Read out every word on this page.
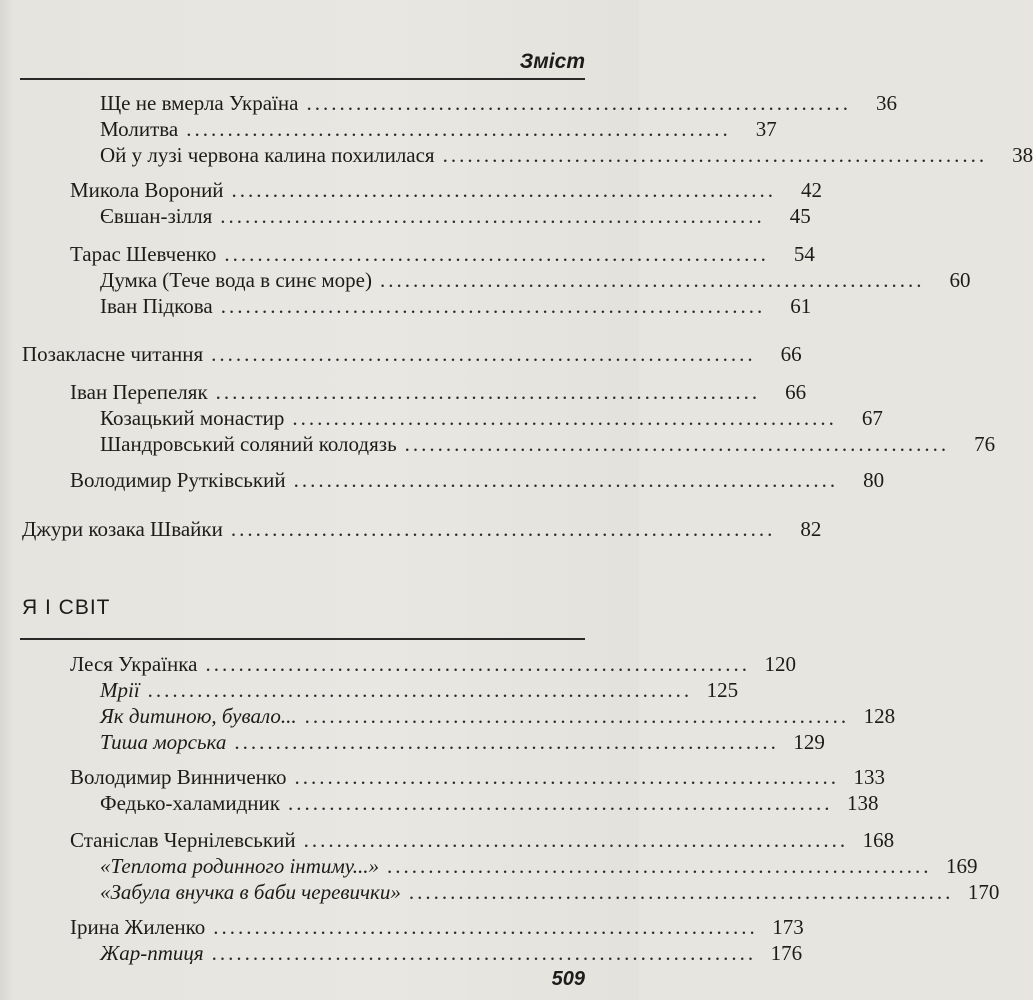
Зміст
Ще не вмерла Україна ..................................................................	36
Молитва ..................................................................	37
Ой у лузі червона калина похилилася ..................................................................	38
Микола Вороний ..................................................................	42
Євшан-зілля ..................................................................	45
Тарас Шевченко ..................................................................	54
Думка (Тече вода в синє море) ..................................................................	60
Іван Підкова ..................................................................	61
Позакласне читання ..................................................................	66
Іван Перепеляк ..................................................................	66
Козацький монастир ..................................................................	67
Шандровський соляний колодязь ..................................................................	76
Володимир Рутківський ..................................................................	80
Джури козака Швайки ..................................................................	82
Я І СВІТ
Леся Українка .................................................................. 120
Мрії .................................................................. 125
Як дитиною, бувало... .................................................................. 128
Тиша морська .................................................................. 129
Володимир Винниченко .................................................................. 133
Федько-халамидник .................................................................. 138
Станіслав Чернілевський .................................................................. 168
«Теплота родинного інтиму...» .................................................................. 169
«Забула внучка в баби черевички» .................................................................. 170
Ірина Жиленко .................................................................. 173
Жар-птиця .................................................................. 176
509
